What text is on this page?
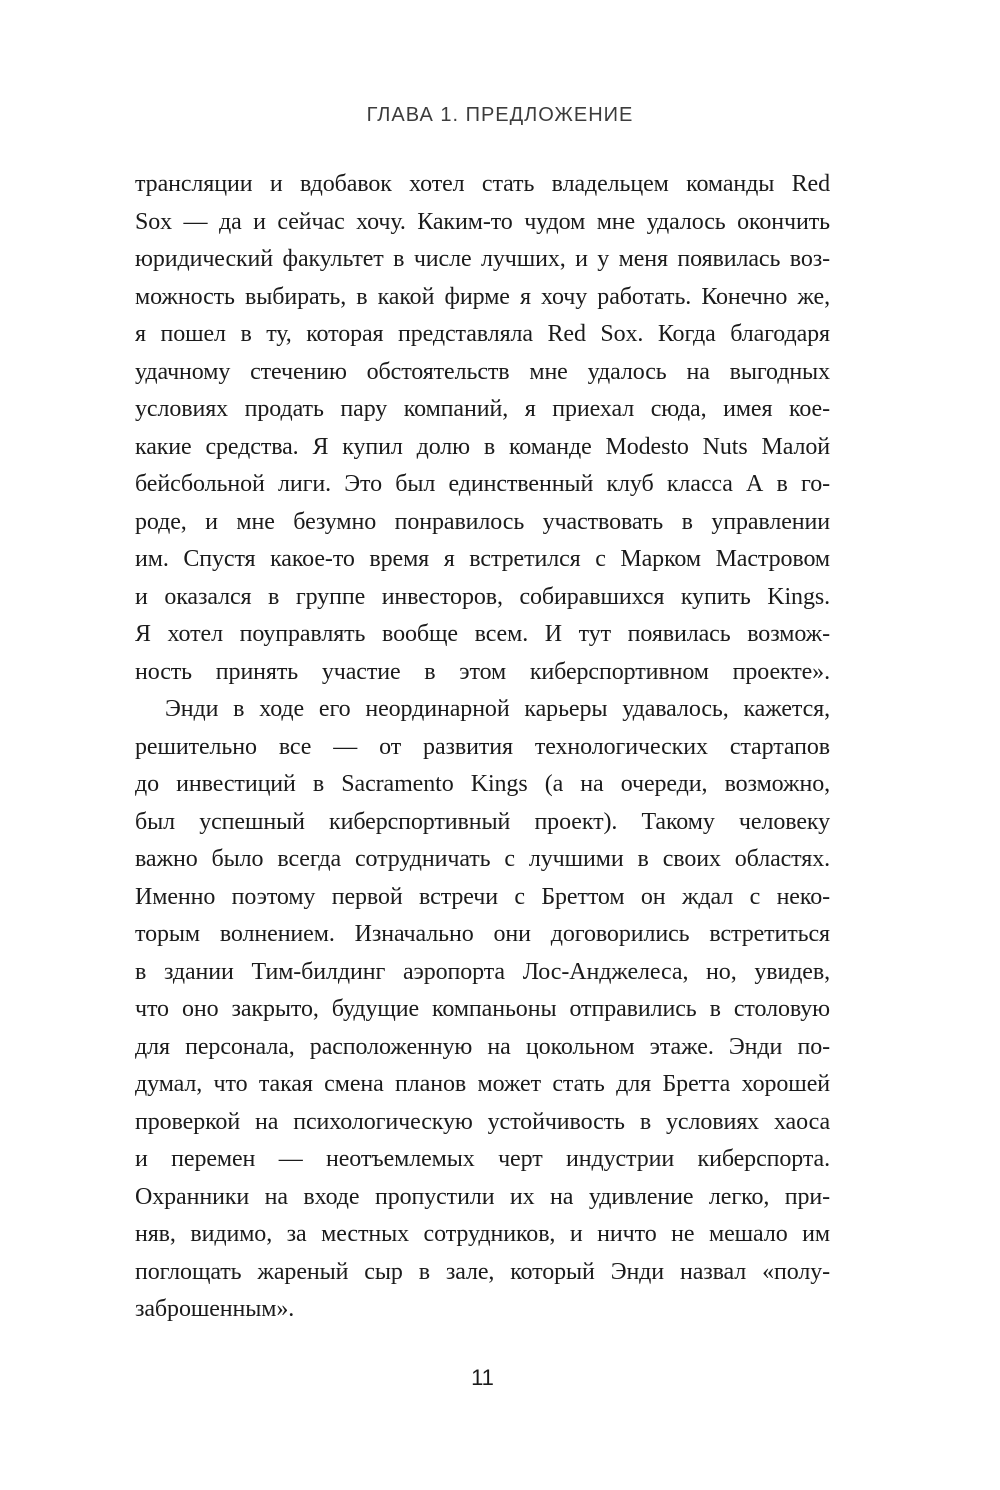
ГЛАВА 1. ПРЕДЛОЖЕНИЕ
трансляции и вдобавок хотел стать владельцем команды Red
Sox — да и сейчас хочу. Каким-то чудом мне удалось окончить
юридический факультет в числе лучших, и у меня появилась воз-
можность выбирать, в какой фирме я хочу работать. Конечно же,
я пошел в ту, которая представляла Red Sox. Когда благодаря
удачному стечению обстоятельств мне удалось на выгодных
условиях продать пару компаний, я приехал сюда, имея кое-
какие средства. Я купил долю в команде Modesto Nuts Малой
бейсбольной лиги. Это был единственный клуб класса А в го-
роде, и мне безумно понравилось участвовать в управлении
им. Спустя какое-то время я встретился с Марком Мастровом
и оказался в группе инвесторов, собиравшихся купить Kings.
Я хотел поуправлять вообще всем. И тут появилась возмож-
ность принять участие в этом киберспортивном проекте».
Энди в ходе его неординарной карьеры удавалось, кажется,
решительно все — от развития технологических стартапов
до инвестиций в Sacramento Kings (а на очереди, возможно,
был успешный киберспортивный проект). Такому человеку
важно было всегда сотрудничать с лучшими в своих областях.
Именно поэтому первой встречи с Бреттом он ждал с неко-
торым волнением. Изначально они договорились встретиться
в здании Тим-билдинг аэропорта Лос-Анджелеса, но, увидев,
что оно закрыто, будущие компаньоны отправились в столовую
для персонала, расположенную на цокольном этаже. Энди по-
думал, что такая смена планов может стать для Бретта хорошей
проверкой на психологическую устойчивость в условиях хаоса
и перемен — неотъемлемых черт индустрии киберспорта.
Охранники на входе пропустили их на удивление легко, при-
няв, видимо, за местных сотрудников, и ничто не мешало им
поглощать жареный сыр в зале, который Энди назвал «полу-
заброшенным».
11
